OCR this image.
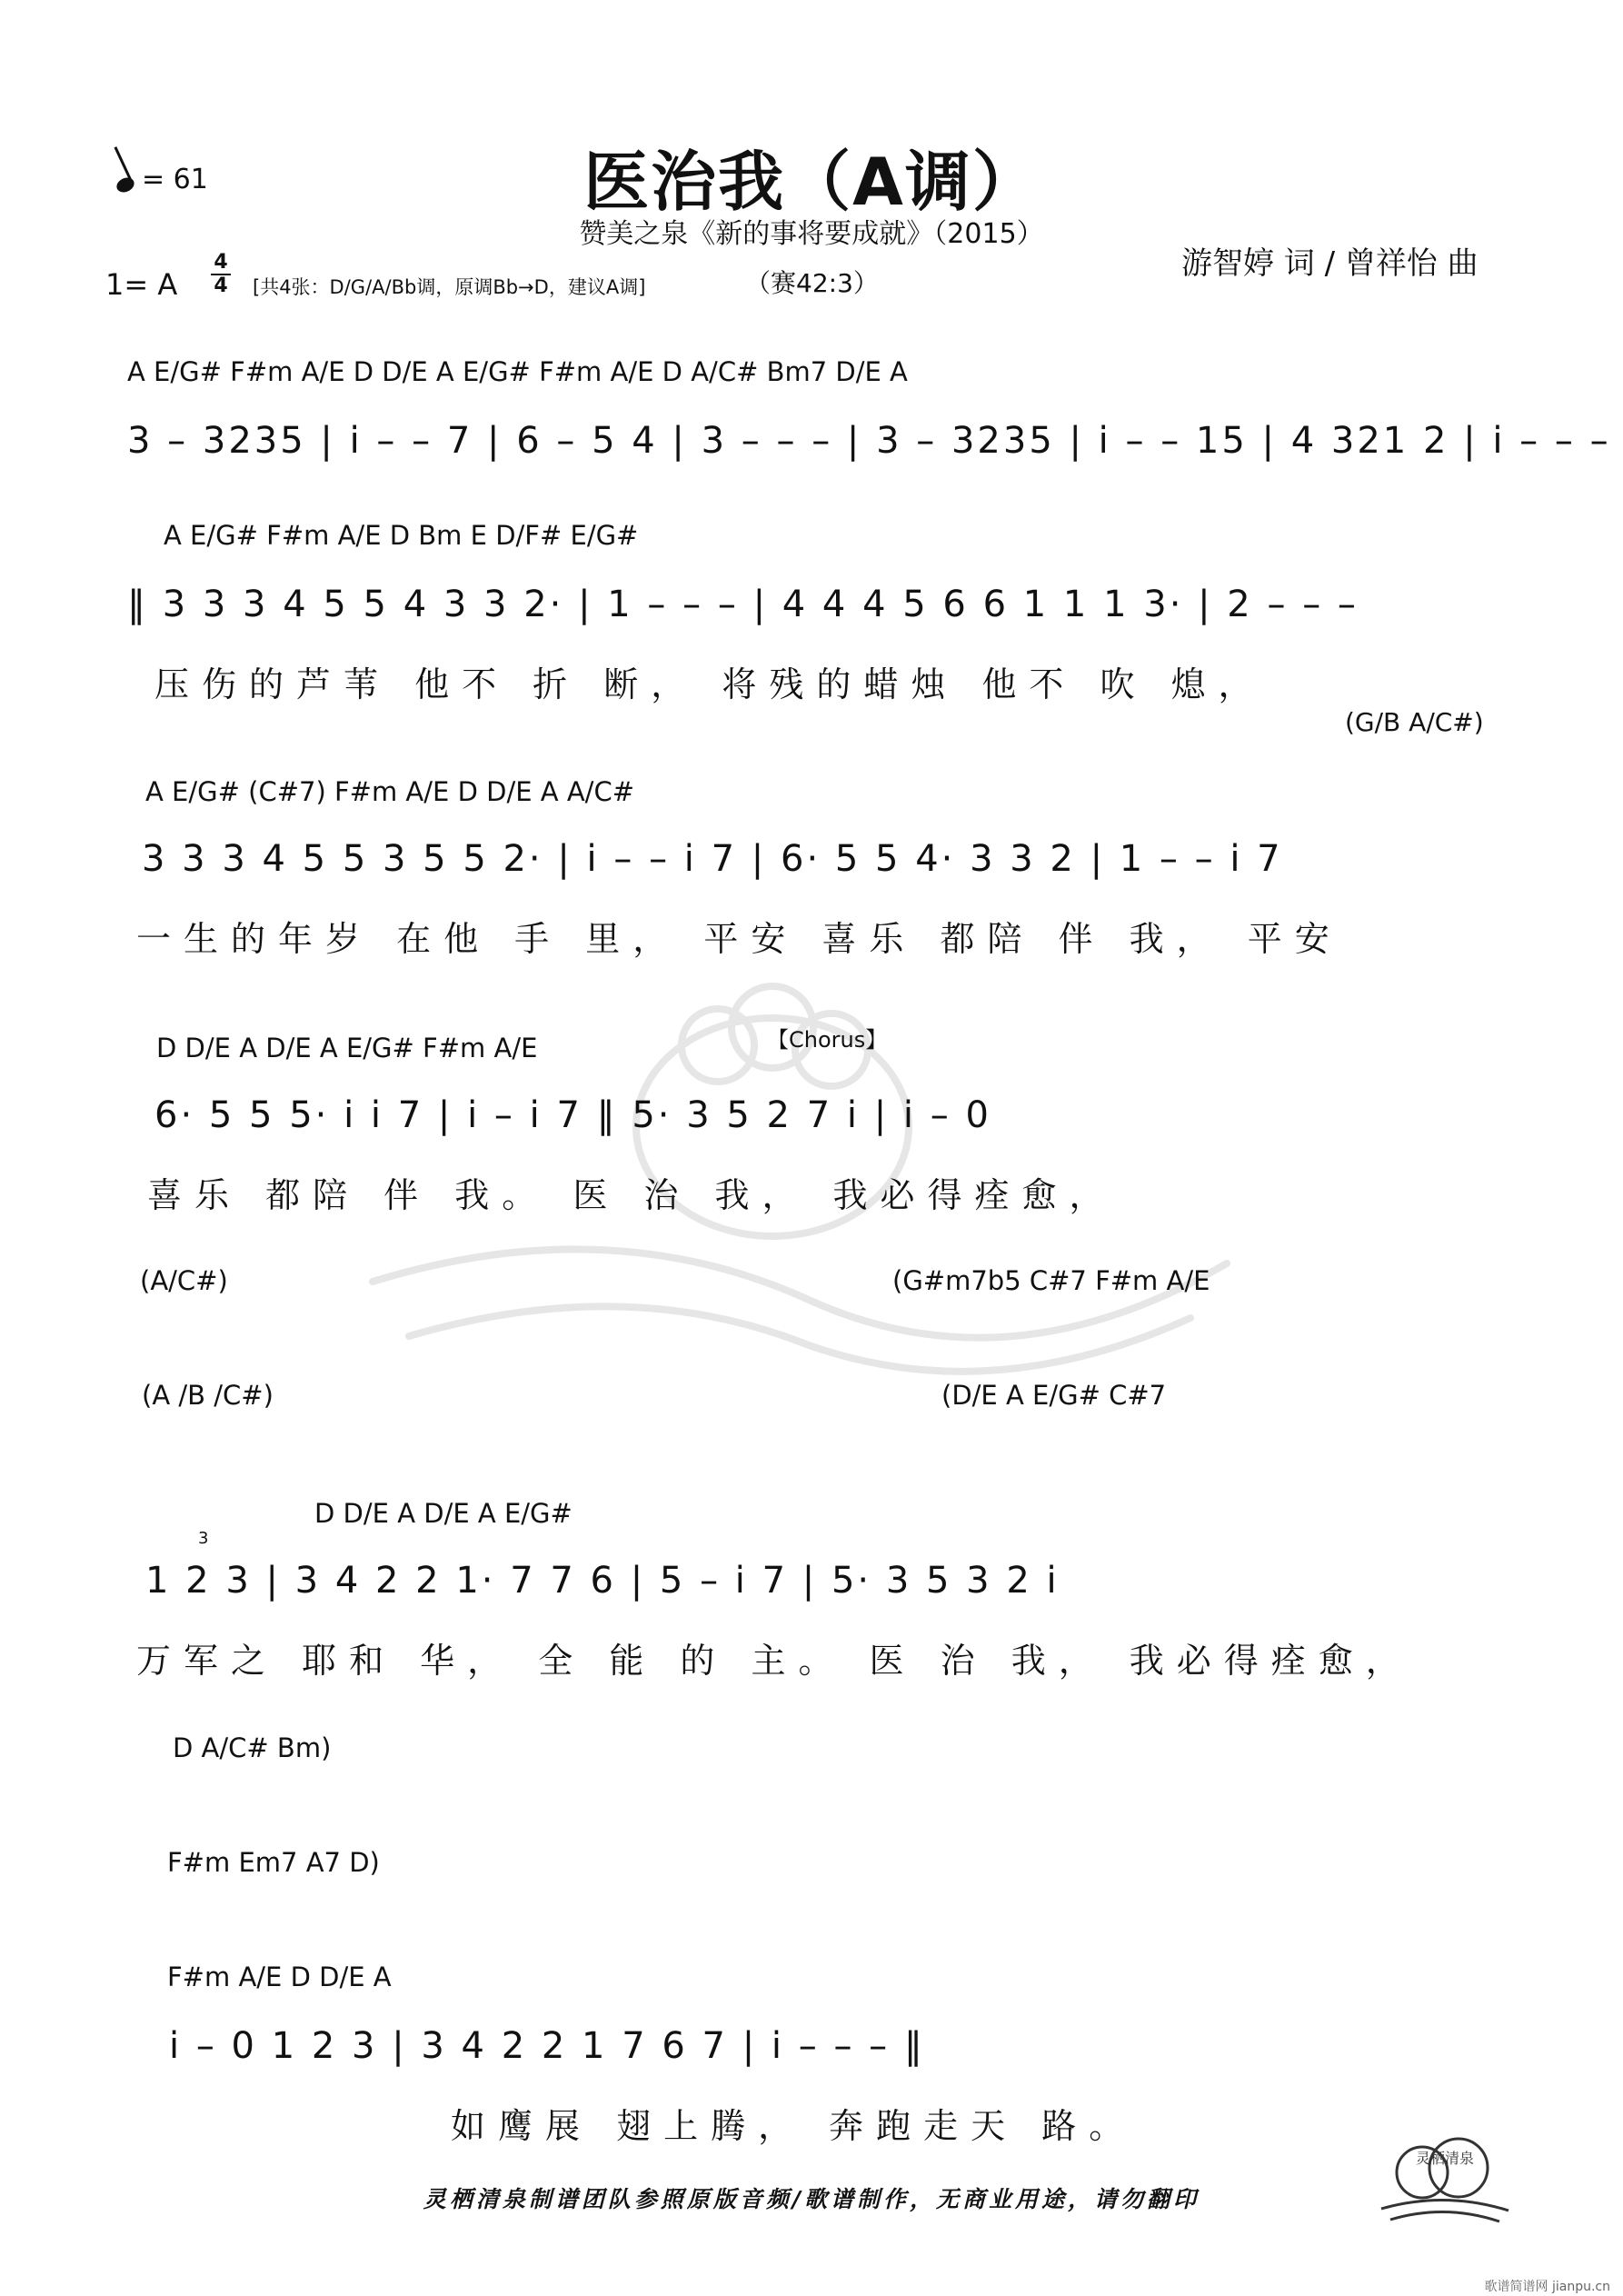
医治我（A调）
赞美之泉《新的事将要成就》（2015）
= 61
1= A
4
4 [共4张：D/G/A/Bb调，原调Bb→D，建议A调]	（赛42:3）
游智婷 词 / 曾祥怡 曲
A E/G# F#m A/E D D/E A E/G# F#m A/E D A/C# Bm7 D/E A
3 – 3235 | i – – 7 | 6 – 5 4 | 3 – – – | 3 – 3235 | i – – 15 | 4 321 2 | i – – –
A E/G# F#m A/E D Bm E D/F# E/G#
‖ 3 3 3 4 5 5 4 3 3 2· | 1 – – – | 4 4 4 5 6 6 1 1 1 3· | 2 – – –
压伤的芦苇 他不 折 断， 将残的蜡烛 他不 吹 熄，
(G/B A/C#)
A E/G# (C#7) F#m A/E D D/E A A/C#
3 3 3 4 5 5 3 5 5 2· | i – – i 7 | 6· 5 5 4· 3 3 2 | 1 – – i 7
一生的年岁 在他 手 里， 平安 喜乐 都陪 伴 我， 平安
【Chorus】
D D/E A D/E A E/G# F#m A/E
6· 5 5 5· i i 7 | i – i 7 ‖ 5· 3 5 2 7 i | i – 0
喜乐 都陪 伴 我。 医 治 我， 我必得痊愈，
(A/C#)	(G#m7b5 C#7 F#m A/E
(A /B /C#)	(D/E A E/G# C#7
3
D D/E A D/E A E/G#
1 2 3 | 3 4 2 2 1· 7 7 6 | 5 – i 7 | 5· 3 5 3 2 i
万军之 耶和 华， 全 能 的 主。 医 治 我， 我必得痊愈，
D A/C# Bm)
F#m Em7 A7 D)
F#m A/E D D/E A
i – 0 1 2 3 | 3 4 2 2 1 7 6 7 | i – – – ‖
如鹰展 翅上腾， 奔跑走天 路。
灵栖清泉制谱团队参照原版音频/歌谱制作，无商业用途，请勿翻印
灵栖清泉
歌谱简谱网 jianpu.cn
